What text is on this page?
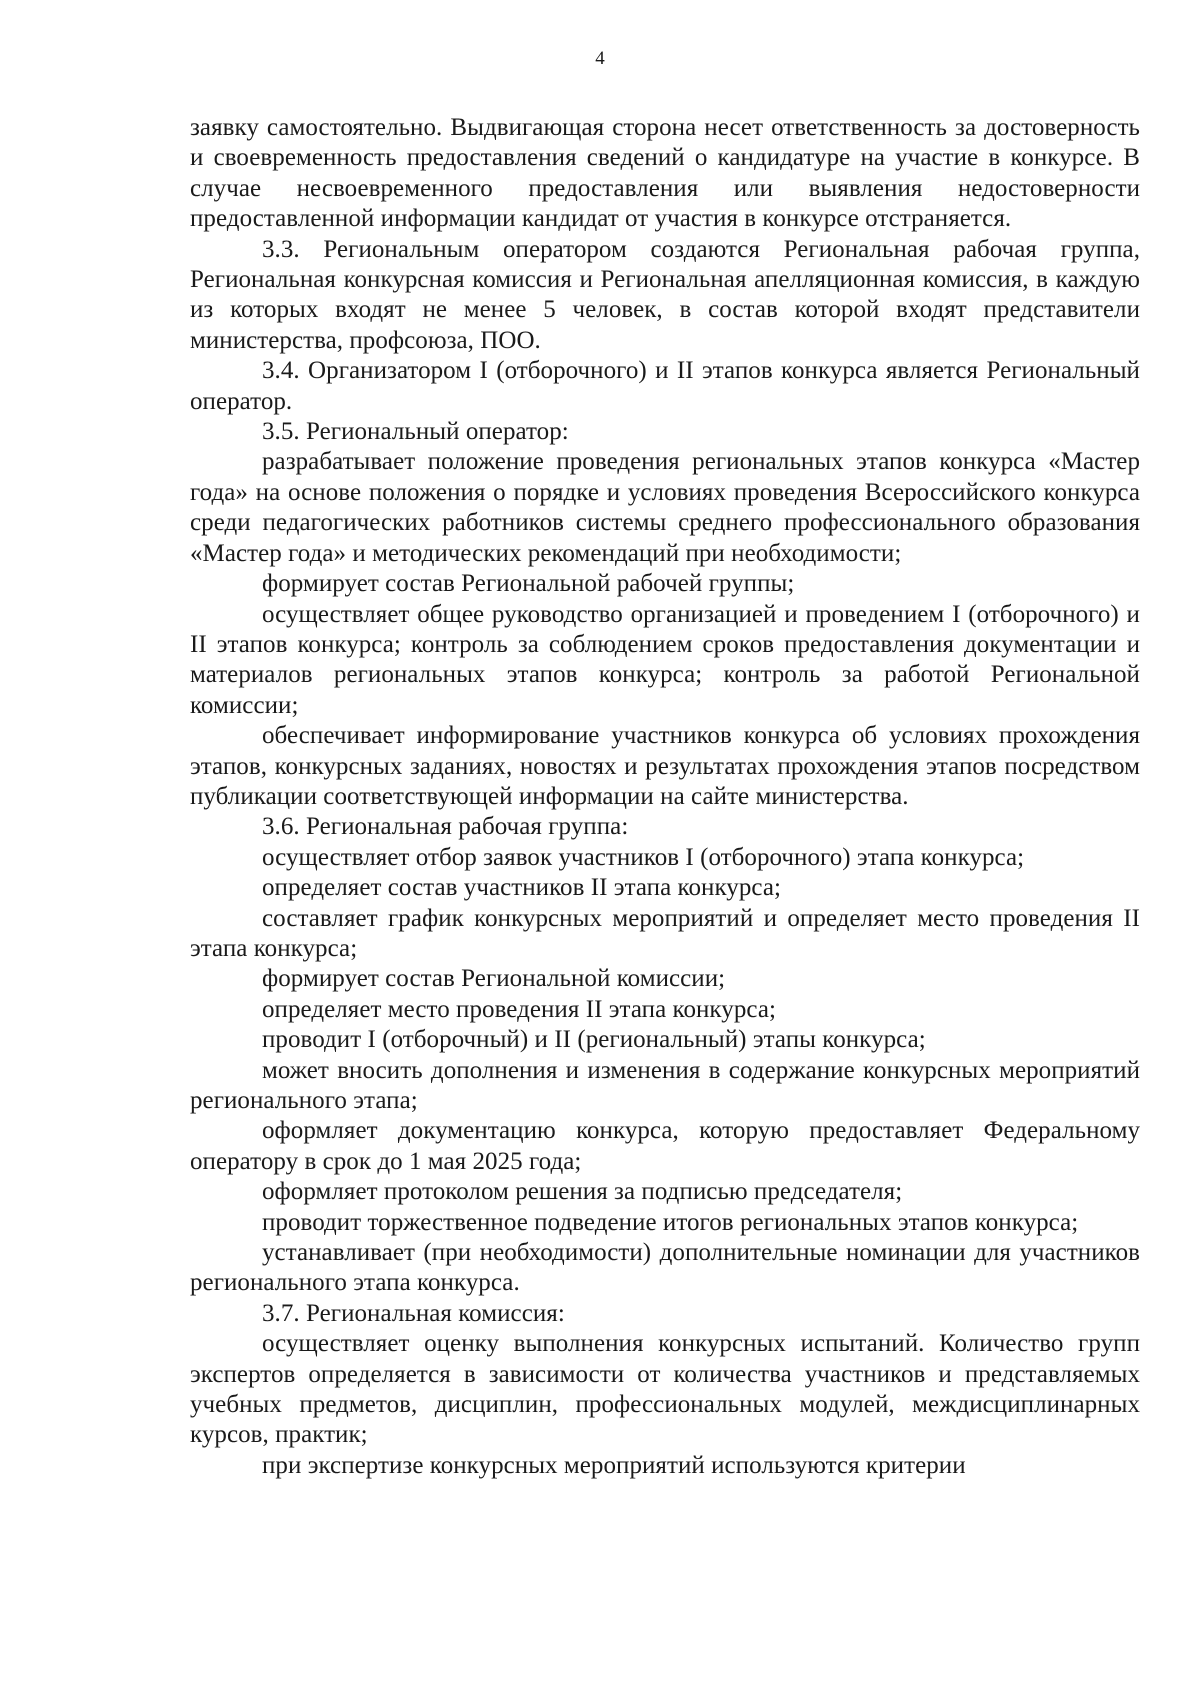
4

заявку самостоятельно. Выдвигающая сторона несет ответственность за достоверность и своевременность предоставления сведений о кандидатуре на участие в конкурсе. В случае несвоевременного предоставления или выявления недостоверности предоставленной информации кандидат от участия в конкурсе отстраняется.

3.3. Региональным оператором создаются Региональная рабочая группа, Региональная конкурсная комиссия и Региональная апелляционная комиссия, в каждую из которых входят не менее 5 человек, в состав которой входят представители министерства, профсоюза, ПОО.

3.4. Организатором I (отборочного) и II этапов конкурса является Региональный оператор.

3.5. Региональный оператор:

разрабатывает положение проведения региональных этапов конкурса «Мастер года» на основе положения о порядке и условиях проведения Всероссийского конкурса среди педагогических работников системы среднего профессионального образования «Мастер года» и методических рекомендаций при необходимости;

формирует состав Региональной рабочей группы;

осуществляет общее руководство организацией и проведением I (отборочного) и II этапов конкурса; контроль за соблюдением сроков предоставления документации и материалов региональных этапов конкурса; контроль за работой Региональной комиссии;

обеспечивает информирование участников конкурса об условиях прохождения этапов, конкурсных заданиях, новостях и результатах прохождения этапов посредством публикации соответствующей информации на сайте министерства.

3.6. Региональная рабочая группа:

осуществляет отбор заявок участников I (отборочного) этапа конкурса;

определяет состав участников II этапа конкурса;

составляет график конкурсных мероприятий и определяет место проведения II этапа конкурса;

формирует состав Региональной комиссии;

определяет место проведения II этапа конкурса;

проводит I (отборочный) и II (региональный) этапы конкурса;

может вносить дополнения и изменения в содержание конкурсных мероприятий регионального этапа;

оформляет документацию конкурса, которую предоставляет Федеральному оператору в срок до 1 мая 2025 года;

оформляет протоколом решения за подписью председателя;

проводит торжественное подведение итогов региональных этапов конкурса;

устанавливает (при необходимости) дополнительные номинации для участников регионального этапа конкурса.

3.7. Региональная комиссия:

осуществляет оценку выполнения конкурсных испытаний. Количество групп экспертов определяется в зависимости от количества участников и представляемых учебных предметов, дисциплин, профессиональных модулей, междисциплинарных курсов, практик;

при экспертизе конкурсных мероприятий используются критерии
